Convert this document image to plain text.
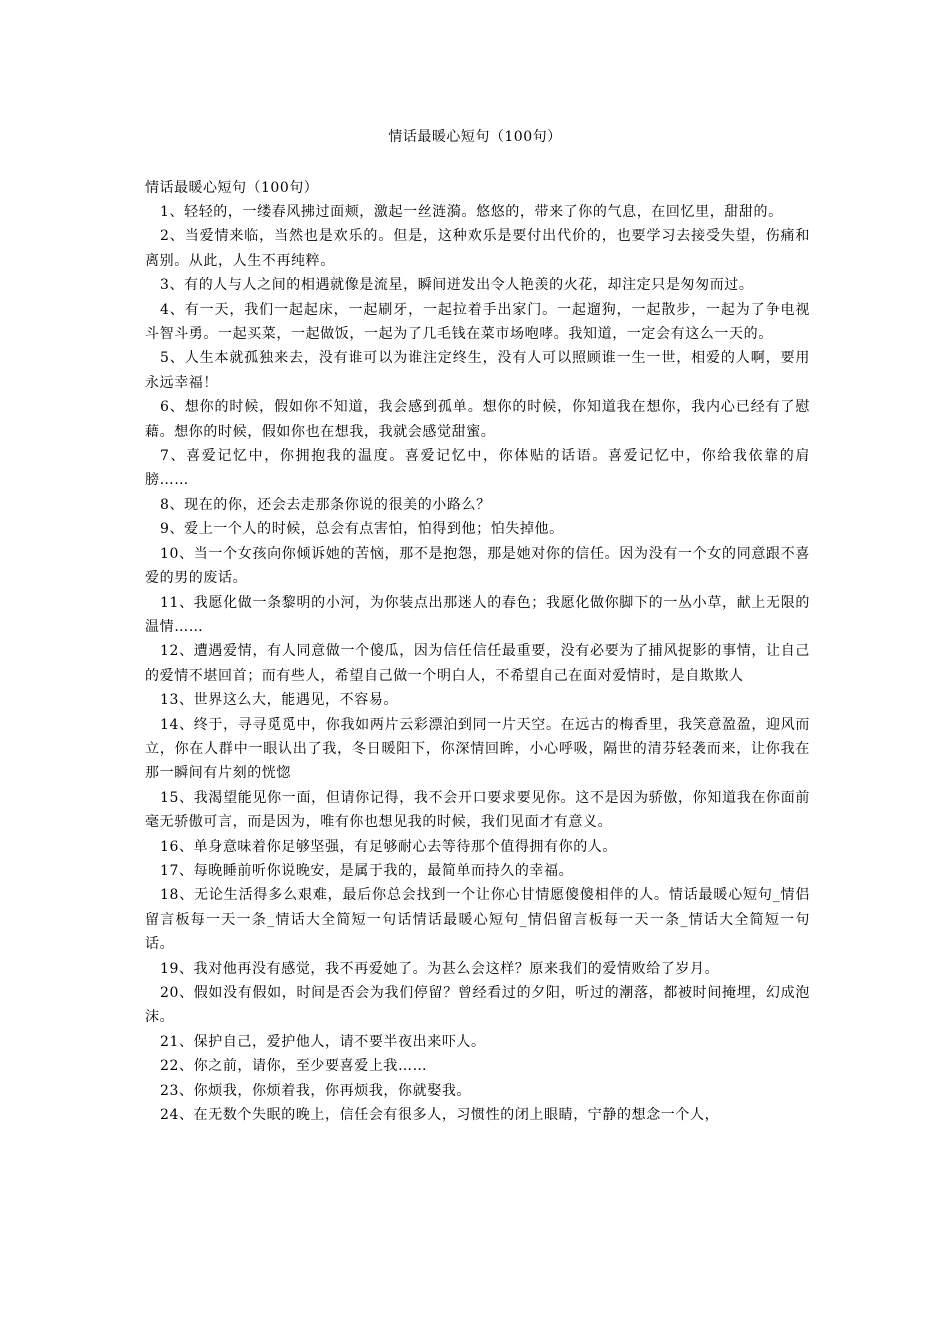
情话最暖心短句（100句）
情话最暖心短句（100句）

1、轻轻的，一缕春风拂过面颊，激起一丝涟漪。悠悠的，带来了你的气息，在回忆里，甜甜的。

2、当爱情来临，当然也是欢乐的。但是，这种欢乐是要付出代价的，也要学习去接受失望，伤痛和离别。从此，人生不再纯粹。

3、有的人与人之间的相遇就像是流星，瞬间迸发出令人艳羡的火花，却注定只是匆匆而过。

4、有一天，我们一起起床，一起刷牙，一起拉着手出家门。一起遛狗，一起散步，一起为了争电视斗智斗勇。一起买菜，一起做饭，一起为了几毛钱在菜市场咆哮。我知道，一定会有这么一天的。

5、人生本就孤独来去，没有谁可以为谁注定终生，没有人可以照顾谁一生一世，相爱的人啊，要用永远幸福！

6、想你的时候，假如你不知道，我会感到孤单。想你的时候，你知道我在想你，我内心已经有了慰藉。想你的时候，假如你也在想我，我就会感觉甜蜜。

7、喜爱记忆中，你拥抱我的温度。喜爱记忆中，你体贴的话语。喜爱记忆中，你给我依靠的肩膀……

8、现在的你，还会去走那条你说的很美的小路么？

9、爱上一个人的时候，总会有点害怕，怕得到他；怕失掉他。

10、当一个女孩向你倾诉她的苦恼，那不是抱怨，那是她对你的信任。因为没有一个女的同意跟不喜爱的男的废话。

11、我愿化做一条黎明的小河，为你装点出那迷人的春色；我愿化做你脚下的一丛小草，献上无限的温情……

12、遭遇爱情，有人同意做一个傻瓜，因为信任信任最重要，没有必要为了捕风捉影的事情，让自己的爱情不堪回首；而有些人，希望自己做一个明白人，不希望自己在面对爱情时，是自欺欺人

13、世界这么大，能遇见，不容易。

14、终于，寻寻觅觅中，你我如两片云彩漂泊到同一片天空。在远古的梅香里，我笑意盈盈，迎风而立，你在人群中一眼认出了我，冬日暖阳下，你深情回眸，小心呼吸，隔世的清芬轻袭而来，让你我在那一瞬间有片刻的恍惚

15、我渴望能见你一面，但请你记得，我不会开口要求要见你。这不是因为骄傲，你知道我在你面前毫无骄傲可言，而是因为，唯有你也想见我的时候，我们见面才有意义。

16、单身意味着你足够坚强，有足够耐心去等待那个值得拥有你的人。

17、每晚睡前听你说晚安，是属于我的，最简单而持久的幸福。

18、无论生活得多么艰难，最后你总会找到一个让你心甘情愿傻傻相伴的人。情话最暖心短句_情侣留言板每一天一条_情话大全简短一句话情话最暖心短句_情侣留言板每一天一条_情话大全简短一句话。

19、我对他再没有感觉，我不再爱她了。为甚么会这样？原来我们的爱情败给了岁月。

20、假如没有假如，时间是否会为我们停留？曾经看过的夕阳，听过的潮落，都被时间掩埋，幻成泡沫。

21、保护自己，爱护他人，请不要半夜出来吓人。

22、你之前，请你，至少要喜爱上我……

23、你烦我，你烦着我，你再烦我，你就娶我。

24、在无数个失眠的晚上，信任会有很多人，习惯性的闭上眼睛，宁静的想念一个人，
